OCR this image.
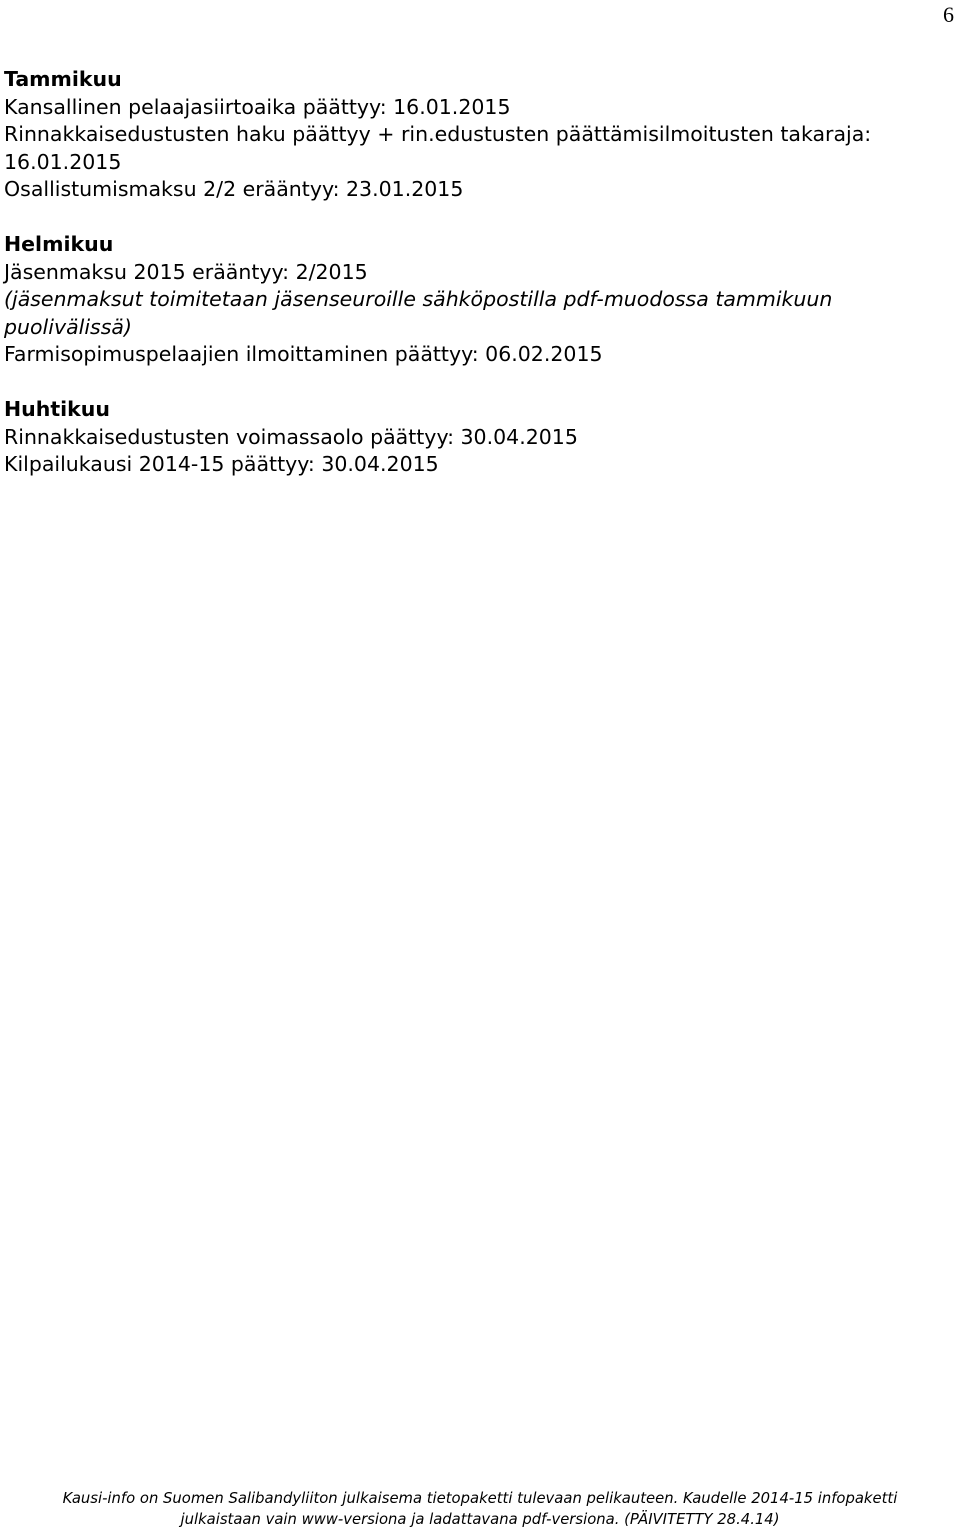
6
Tammikuu
Kansallinen pelaajasiirtoaika päättyy: 16.01.2015
Rinnakkaisedustusten haku päättyy + rin.edustusten päättämisilmoitusten takaraja:
16.01.2015
Osallistumismaksu 2/2 erääntyy: 23.01.2015
Helmikuu
Jäsenmaksu 2015 erääntyy: 2/2015
(jäsenmaksut toimitetaan jäsenseuroille sähköpostilla pdf-muodossa tammikuun
puolivälissä)
Farmisopimuspelaajien ilmoittaminen päättyy: 06.02.2015
Huhtikuu
Rinnakkaisedustusten voimassaolo päättyy: 30.04.2015
Kilpailukausi 2014-15 päättyy: 30.04.2015
Kausi-info on Suomen Salibandyliiton julkaisema tietopaketti tulevaan pelikauteen. Kaudelle 2014-15 infopaketti
julkaistaan vain www-versiona ja ladattavana pdf-versiona. (PÄIVITETTY 28.4.14)
